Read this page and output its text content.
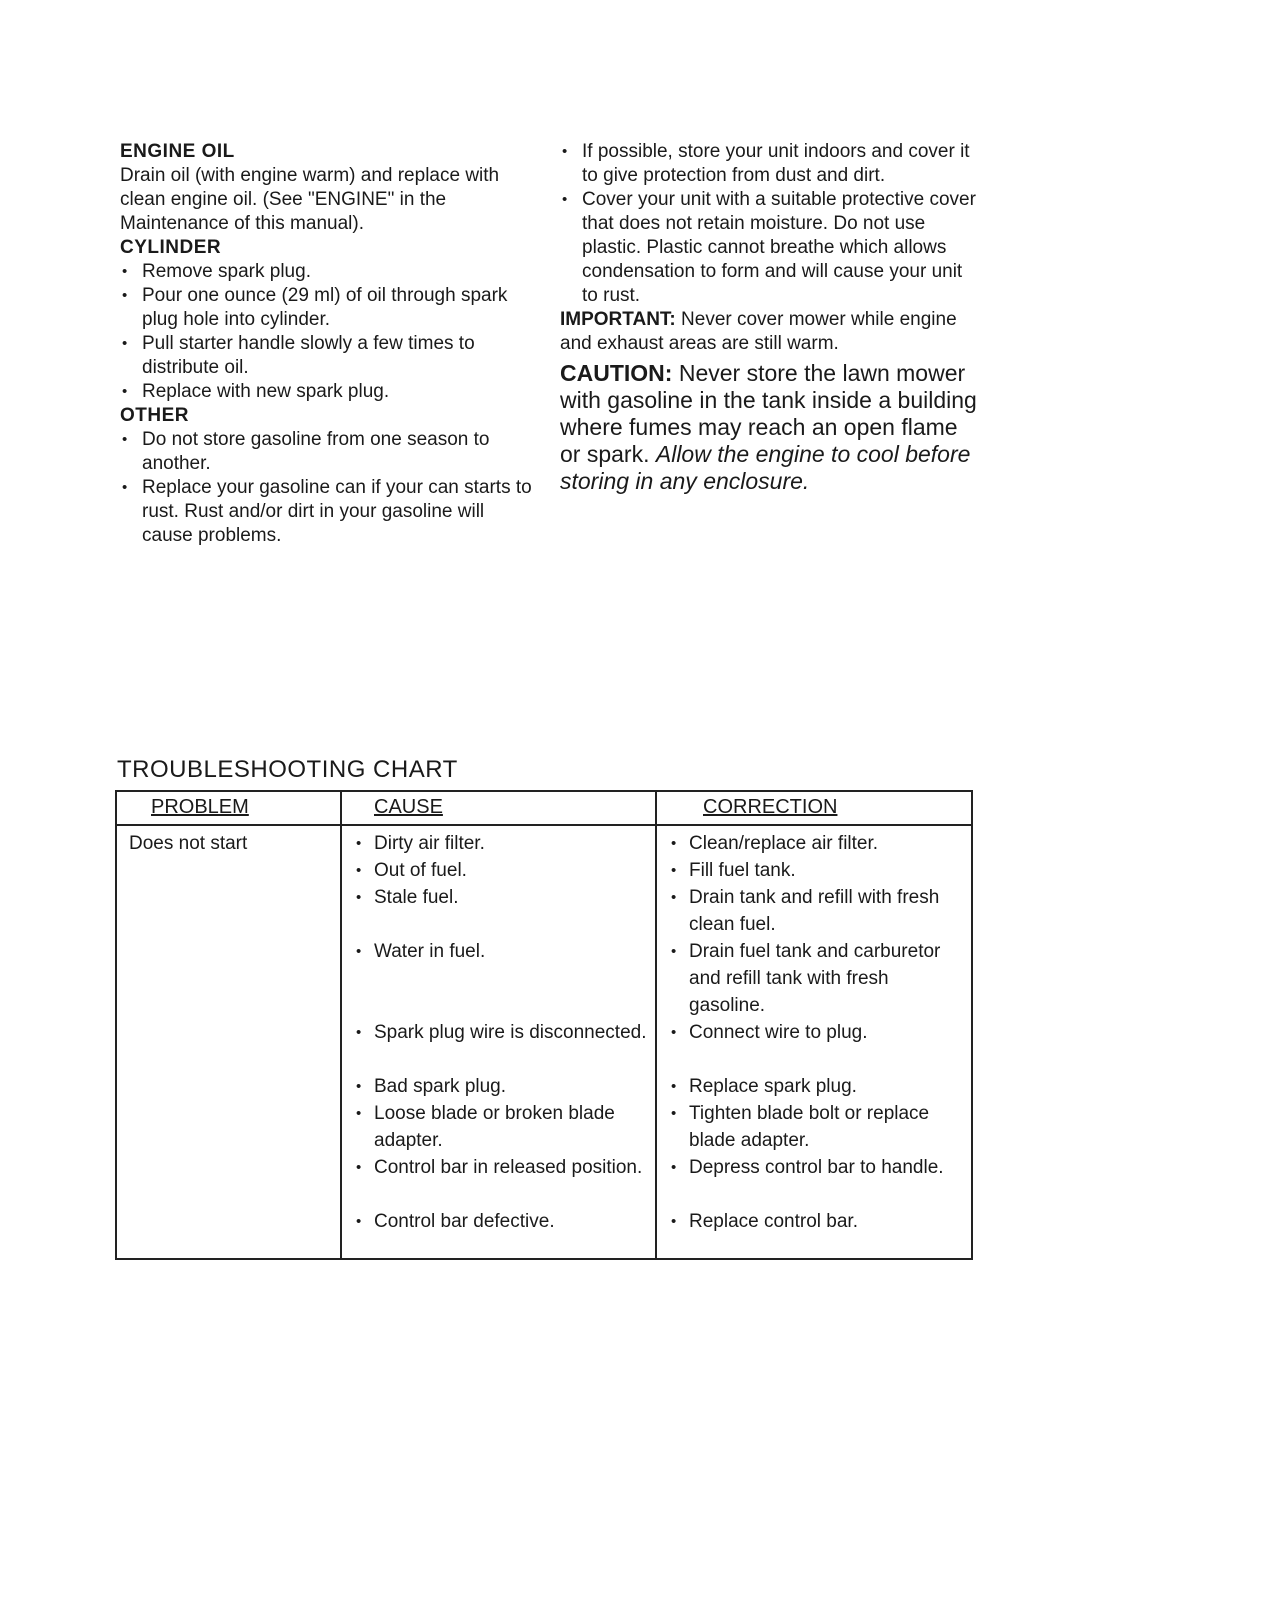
ENGINE OIL

Drain oil (with engine warm) and replace with clean engine oil. (See "ENGINE" in the Maintenance of this manual).

CYLINDER
• Remove spark plug.
• Pour one ounce (29 ml) of oil through spark plug hole into cylinder.
• Pull starter handle slowly a few times to distribute oil.
• Replace with new spark plug.
OTHER
• Do not store gasoline from one season to another.
• Replace your gasoline can if your can starts to rust. Rust and/or dirt in your gasoline will cause problems.
• If possible, store your unit indoors and cover it to give protection from dust and dirt.
• Cover your unit with a suitable protective cover that does not retain moisture. Do not use plastic. Plastic cannot breathe which allows condensation to form and will cause your unit to rust.

IMPORTANT: Never cover mower while engine and exhaust areas are still warm.

CAUTION: Never store the lawn mower with gasoline in the tank inside a building where fumes may reach an open flame or spark. Allow the engine to cool before storing in any enclosure.

TROUBLESHOOTING CHART
PROBLEM
Does not start
CAUSE
• Dirty air filter.
• Out of fuel.
• Stale fuel.
• Water in fuel.
• Spark plug wire is disconnected.
• Bad spark plug.
• Loose blade or broken blade adapter.
• Control bar in released position.
• Control bar defective.
CORRECTION
• Clean/replace air filter.
• Fill fuel tank.
• Drain tank and refill with fresh clean fuel.
• Drain fuel tank and carburetor and refill tank with fresh gasoline.
• Connect wire to plug.
• Replace spark plug.
• Tighten blade bolt or replace blade adapter.
• Depress control bar to handle.
• Replace control bar.
